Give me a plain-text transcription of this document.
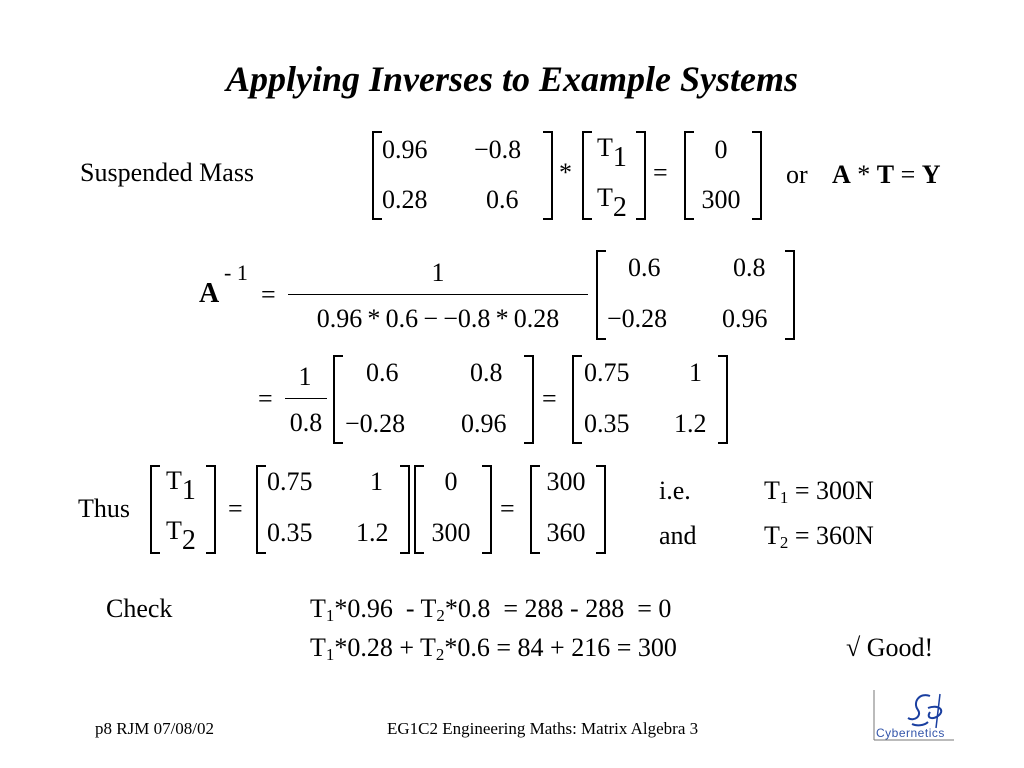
Applying Inverses to Example Systems
Suspended Mass
0.96 −0.8
0.28 0.6
*
T1
T2
=
0
300
or A * T = Y
A
- 1
=
1
0.96 * 0.6 − −0.8 * 0.28
0.6	0.8
−0.28 0.96
=
1
0.8
0.6	0.8
−0.28 0.96
=
0.75 1
0.35 1.2
Thus
T1
T2
=
0.75 1
0.35 1.2
0
300
=
300
360
i.e.	$T_1 = 300N$
and	$T_2 = 360N$
Check	$T_1*0.96 - T_2*0.8 = 288 - 288 = 0$
$T_1*0.28 + T_2*0.6 = 84 + 216 = 300$	√ Good!
p8 RJM 07/08/02	EG1C2 Engineering Maths: Matrix Algebra 3	Cybernetics
